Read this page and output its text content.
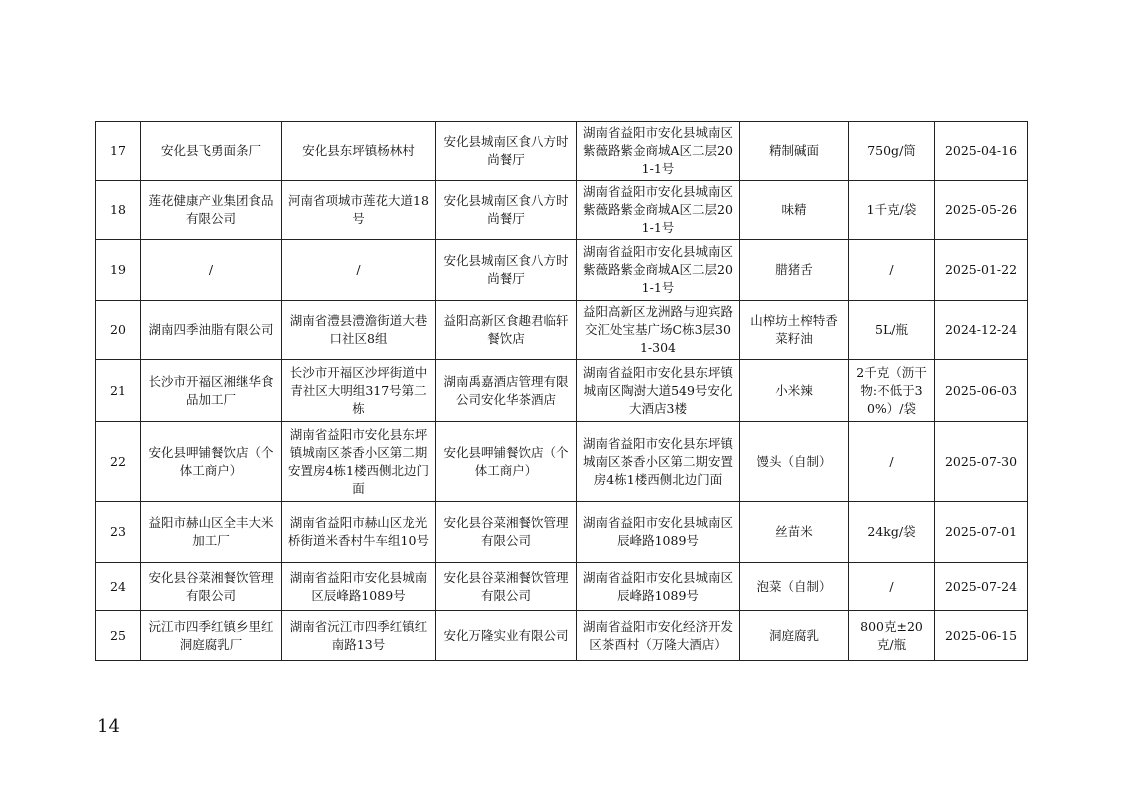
17	安化县飞勇面条厂	安化县东坪镇杨林村	安化县城南区食八方时尚餐厅	湖南省益阳市安化县城南区紫薇路紫金商城A区二层201-1号	精制碱面	750g/筒	2025-04-16
18	莲花健康产业集团食品有限公司	河南省项城市莲花大道18号	安化县城南区食八方时尚餐厅	湖南省益阳市安化县城南区紫薇路紫金商城A区二层201-1号	味精	1千克/袋	2025-05-26
19	/	/	安化县城南区食八方时尚餐厅	湖南省益阳市安化县城南区紫薇路紫金商城A区二层201-1号	腊猪舌	/	2025-01-22
20	湖南四季油脂有限公司	湖南省澧县澧澹街道大巷口社区8组	益阳高新区食趣君临轩餐饮店	益阳高新区龙洲路与迎宾路交汇处宝基广场C栋3层301-304	山榨坊土榨特香菜籽油	5L/瓶	2024-12-24
21	长沙市开福区湘继华食品加工厂	长沙市开福区沙坪街道中青社区大明组317号第二栋	湖南禹嘉酒店管理有限公司安化华茶酒店	湖南省益阳市安化县东坪镇城南区陶澍大道549号安化大酒店3楼	小米辣	2千克（沥干物:不低于30%）/袋	2025-06-03
22	安化县呷铺餐饮店（个体工商户）	湖南省益阳市安化县东坪镇城南区茶香小区第二期安置房4栋1楼西侧北边门面	安化县呷铺餐饮店（个体工商户）	湖南省益阳市安化县东坪镇城南区茶香小区第二期安置房4栋1楼西侧北边门面	馒头（自制）	/	2025-07-30
23	益阳市赫山区全丰大米加工厂	湖南省益阳市赫山区龙光桥街道米香村牛车组10号	安化县谷菜湘餐饮管理有限公司	湖南省益阳市安化县城南区辰峰路1089号	丝苗米	24kg/袋	2025-07-01
24	安化县谷菜湘餐饮管理有限公司	湖南省益阳市安化县城南区辰峰路1089号	安化县谷菜湘餐饮管理有限公司	湖南省益阳市安化县城南区辰峰路1089号	泡菜（自制）	/	2025-07-24
25	沅江市四季红镇乡里红洞庭腐乳厂	湖南省沅江市四季红镇红南路13号	安化万隆实业有限公司	湖南省益阳市安化经济开发区茶酉村（万隆大酒店）	洞庭腐乳	800克±20克/瓶	2025-06-15
14
